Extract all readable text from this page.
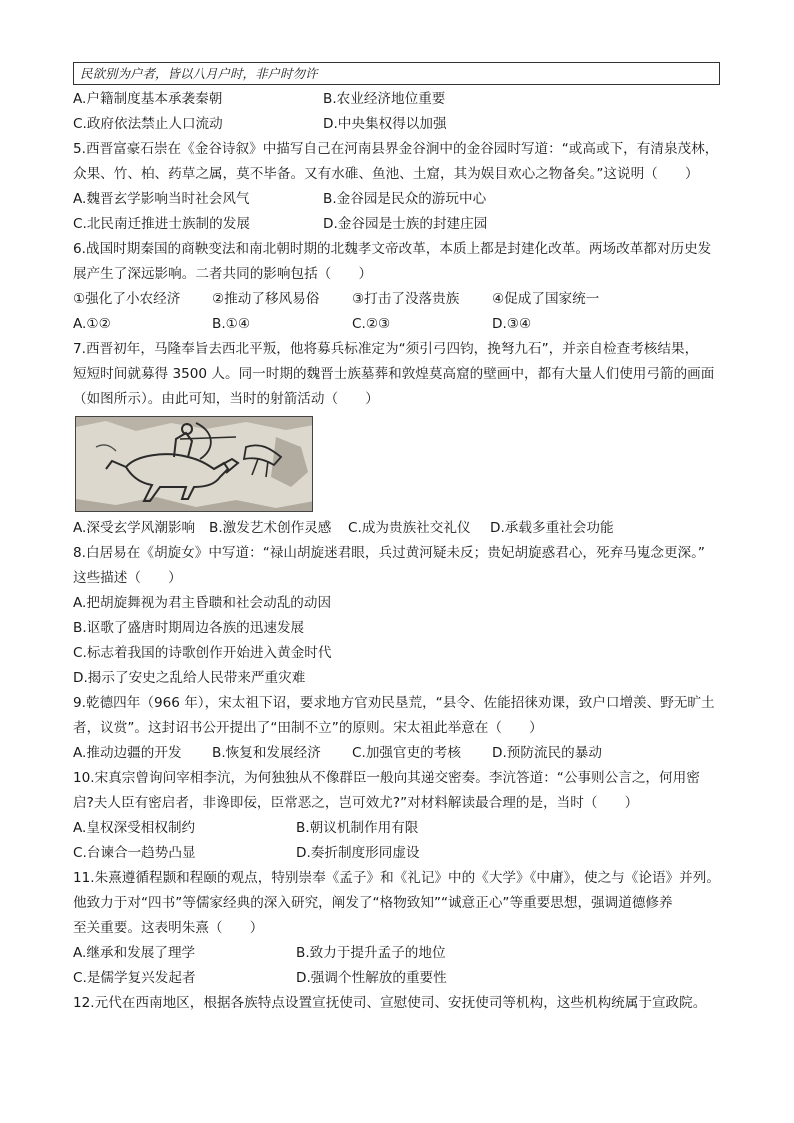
民欲别为户者，皆以八月户时，非户时勿许
A.户籍制度基本承袭秦朝	B.农业经济地位重要
C.政府依法禁止人口流动	D.中央集权得以加强
5.西晋富豪石崇在《金谷诗叙》中描写自己在河南县界金谷涧中的金谷园时写道：“或高或下，有清泉茂林，
众果、竹、柏、药草之属，莫不毕备。又有水碓、鱼池、土窟，其为娱目欢心之物备矣。”这说明（　　）
A.魏晋玄学影响当时社会风气	B.金谷园是民众的游玩中心
C.北民南迁推进士族制的发展	D.金谷园是士族的封建庄园
6.战国时期秦国的商鞅变法和南北朝时期的北魏孝文帝改革，本质上都是封建化改革。两场改革都对历史发
展产生了深远影响。二者共同的影响包括（　　）
①强化了小农经济 ②推动了移风易俗 ③打击了没落贵族 ④促成了国家统一
A.①②	B.①④	C.②③	D.③④
7.西晋初年，马隆奉旨去西北平叛，他将募兵标准定为“须引弓四钧，挽弩九石”，并亲自检查考核结果，
短短时间就募得 3500 人。同一时期的魏晋士族墓葬和敦煌莫高窟的壁画中，都有大量人们使用弓箭的画面
（如图所示）。由此可知，当时的射箭活动（　　）
A.深受玄学风潮影响 B.激发艺术创作灵感 C.成为贵族社交礼仪 D.承载多重社会功能
8.白居易在《胡旋女》中写道：“禄山胡旋迷君眼，兵过黄河疑未反；贵妃胡旋惑君心，死弃马嵬念更深。”
这些描述（　　）
A.把胡旋舞视为君主昏聩和社会动乱的动因
B.讴歌了盛唐时期周边各族的迅速发展
C.标志着我国的诗歌创作开始进入黄金时代
D.揭示了安史之乱给人民带来严重灾难
9.乾德四年（966 年），宋太祖下诏，要求地方官劝民垦荒，“县令、佐能招徕劝课，致户口增羡、野无旷土
者，议赏”。这封诏书公开提出了“田制不立”的原则。宋太祖此举意在（　　）
A.推动边疆的开发 B.恢复和发展经济 C.加强官吏的考核 D.预防流民的暴动
10.宋真宗曾询问宰相李沆，为何独独从不像群臣一般向其递交密奏。李沆答道：“公事则公言之，何用密
启?夫人臣有密启者，非谗即佞，臣常恶之，岂可效尤?”对材料解读最合理的是，当时（　　）
A.皇权深受相权制约	B.朝议机制作用有限
C.台谏合一趋势凸显	D.奏折制度形同虚设
11.朱熹遵循程颢和程颐的观点，特别崇奉《孟子》和《礼记》中的《大学》《中庸》，使之与《论语》并列。
他致力于对“四书”等儒家经典的深入研究，阐发了“格物致知”“诚意正心”等重要思想，强调道德修养
至关重要。这表明朱熹（　　）
A.继承和发展了理学	B.致力于提升孟子的地位
C.是儒学复兴发起者	D.强调个性解放的重要性
12.元代在西南地区，根据各族特点设置宣抚使司、宣慰使司、安抚使司等机构，这些机构统属于宣政院。
